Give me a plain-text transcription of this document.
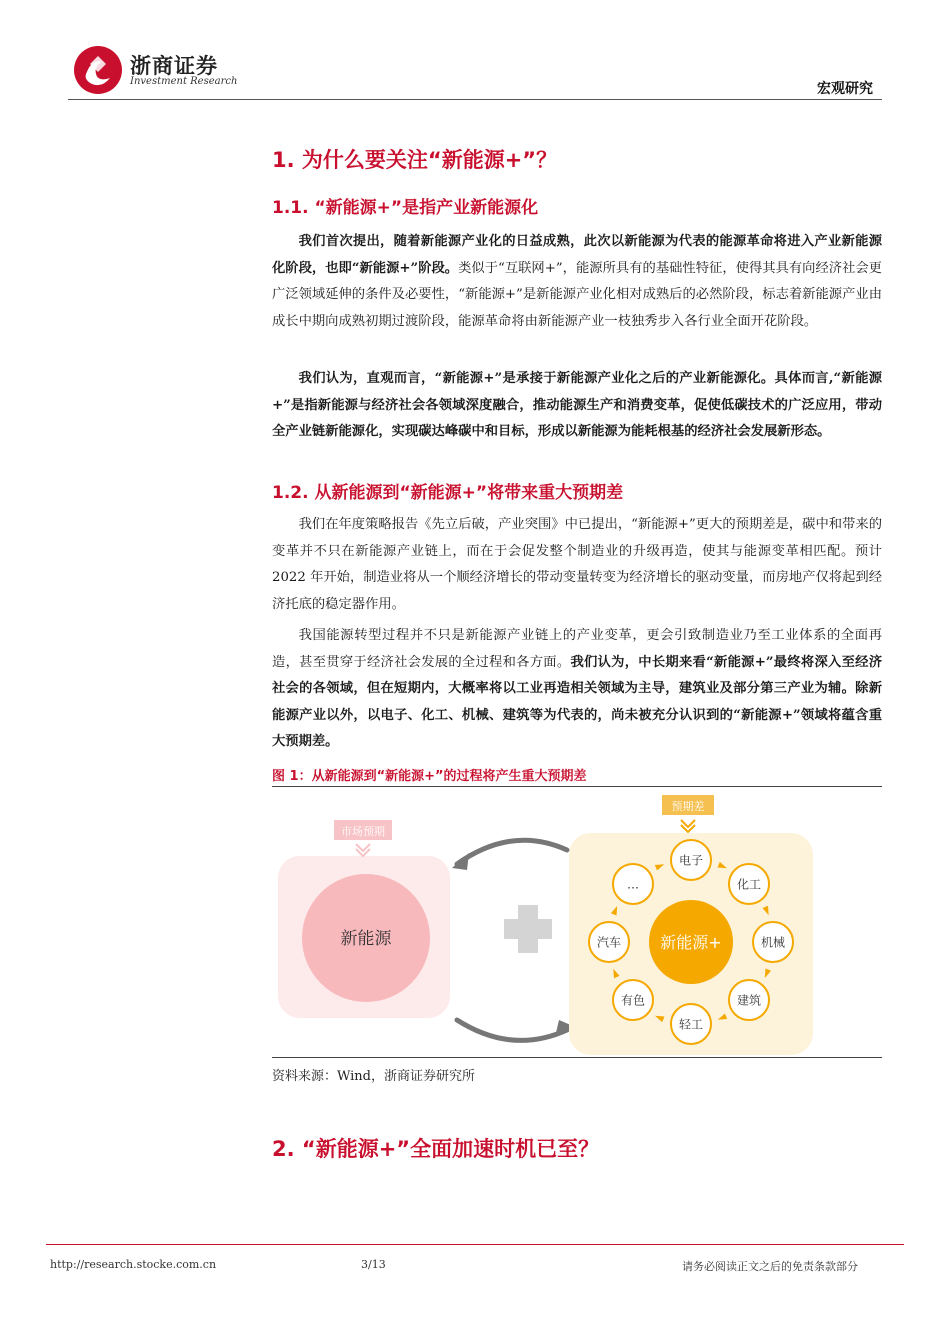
浙商证券
Investment Research	宏观研究
1. 为什么要关注“新能源+”？
1.1. “新能源+”是指产业新能源化

我们首次提出，随着新能源产业化的日益成熟，此次以新能源为代表的能源革命将进入产业新能源化阶段，也即“新能源+”阶段。类似于“互联网+”，能源所具有的基础性特征，使得其具有向经济社会更广泛领域延伸的条件及必要性，“新能源+”是新能源产业化相对成熟后的必然阶段，标志着新能源产业由成长中期向成熟初期过渡阶段，能源革命将由新能源产业一枝独秀步入各行业全面开花阶段。

我们认为，直观而言，“新能源+”是承接于新能源产业化之后的产业新能源化。具体而言,“新能源+”是指新能源与经济社会各领域深度融合，推动能源生产和消费变革，促使低碳技术的广泛应用，带动全产业链新能源化，实现碳达峰碳中和目标，形成以新能源为能耗根基的经济社会发展新形态。

1.2. 从新能源到“新能源+”将带来重大预期差

我们在年度策略报告《先立后破，产业突围》中已提出，“新能源+”更大的预期差是，碳中和带来的变革并不只在新能源产业链上，而在于会促发整个制造业的升级再造，使其与能源变革相匹配。预计 2022 年开始，制造业将从一个顺经济增长的带动变量转变为经济增长的驱动变量，而房地产仅将起到经济托底的稳定器作用。

我国能源转型过程并不只是新能源产业链上的产业变革，更会引致制造业乃至工业体系的全面再造，甚至贯穿于经济社会发展的全过程和各方面。我们认为，中长期来看“新能源+”最终将深入至经济社会的各领域，但在短期内，大概率将以工业再造相关领域为主导，建筑业及部分第三产业为辅。除新能源产业以外，以电子、化工、机械、建筑等为代表的，尚未被充分认识到的“新能源+”领域将蕴含重大预期差。

图 1：从新能源到“新能源+”的过程将产生重大预期差
市场预期
新能源
预期差
新能源+
电子
化工
机械
建筑
轻工
有色
汽车
…
资料来源：Wind，浙商证券研究所
2. “新能源+”全面加速时机已至？
http://research.stocke.com.cn	3/13	请务必阅读正文之后的免责条款部分
